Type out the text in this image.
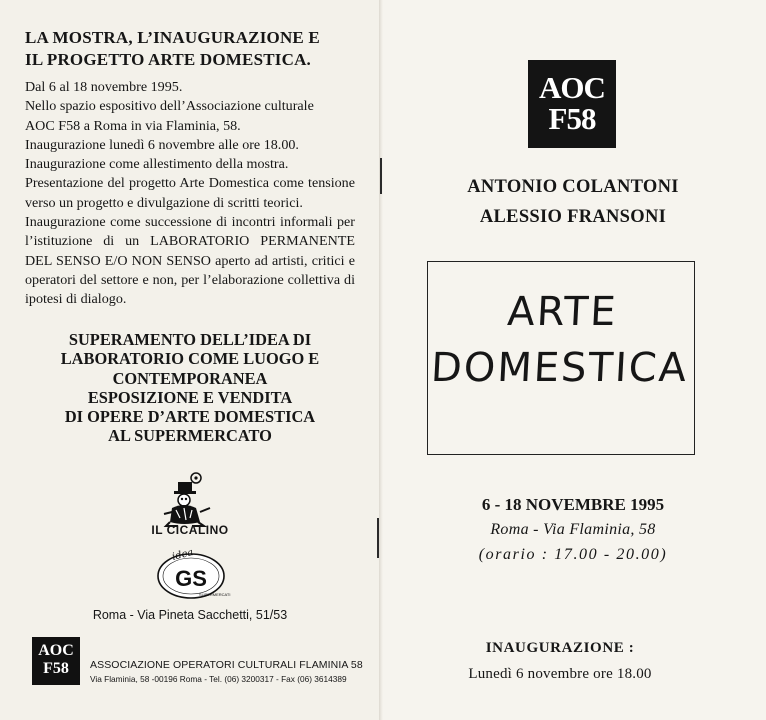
LA MOSTRA, L’INAUGURAZIONE E
IL PROGETTO ARTE DOMESTICA.

Dal 6 al 18 novembre 1995.

Nello spazio espositivo dell’Associazione culturale

AOC F58 a Roma in via Flaminia, 58.

Inaugurazione lunedì 6 novembre alle ore 18.00.

Inaugurazione come allestimento della mostra.

Presentazione del progetto Arte Domestica come tensione verso un progetto e divulgazione di scritti teorici.

Inaugurazione come successione di incontri informali per l’istituzione di un LABORATORIO PERMANENTE DEL SENSO E/O NON SENSO aperto ad artisti, critici e operatori del settore e non, per l’elaborazione collettiva di ipotesi di dialogo.

SUPERAMENTO DELL’IDEA DI
LABORATORIO COME LUOGO E
CONTEMPORANEA
ESPOSIZIONE E VENDITA
DI OPERE D’ARTE DOMESTICA
AL SUPERMERCATO
IL CICALINO
idea
GS
SUPERMERCATI
Roma - Via Pineta Sacchetti, 51/53
AOC
F58	ASSOCIAZIONE OPERATORI CULTURALI FLAMINIA 58
Via Flaminia, 58 -00196 Roma - Tel. (06) 3200317 - Fax (06) 3614389
AOC
F58
ANTONIO COLANTONI
ALESSIO FRANSONI
ARTE
DOMESTICA
6 - 18 NOVEMBRE 1995
Roma - Via Flaminia, 58
(orario : 17.00 - 20.00)
INAUGURAZIONE :
Lunedì 6 novembre ore 18.00
